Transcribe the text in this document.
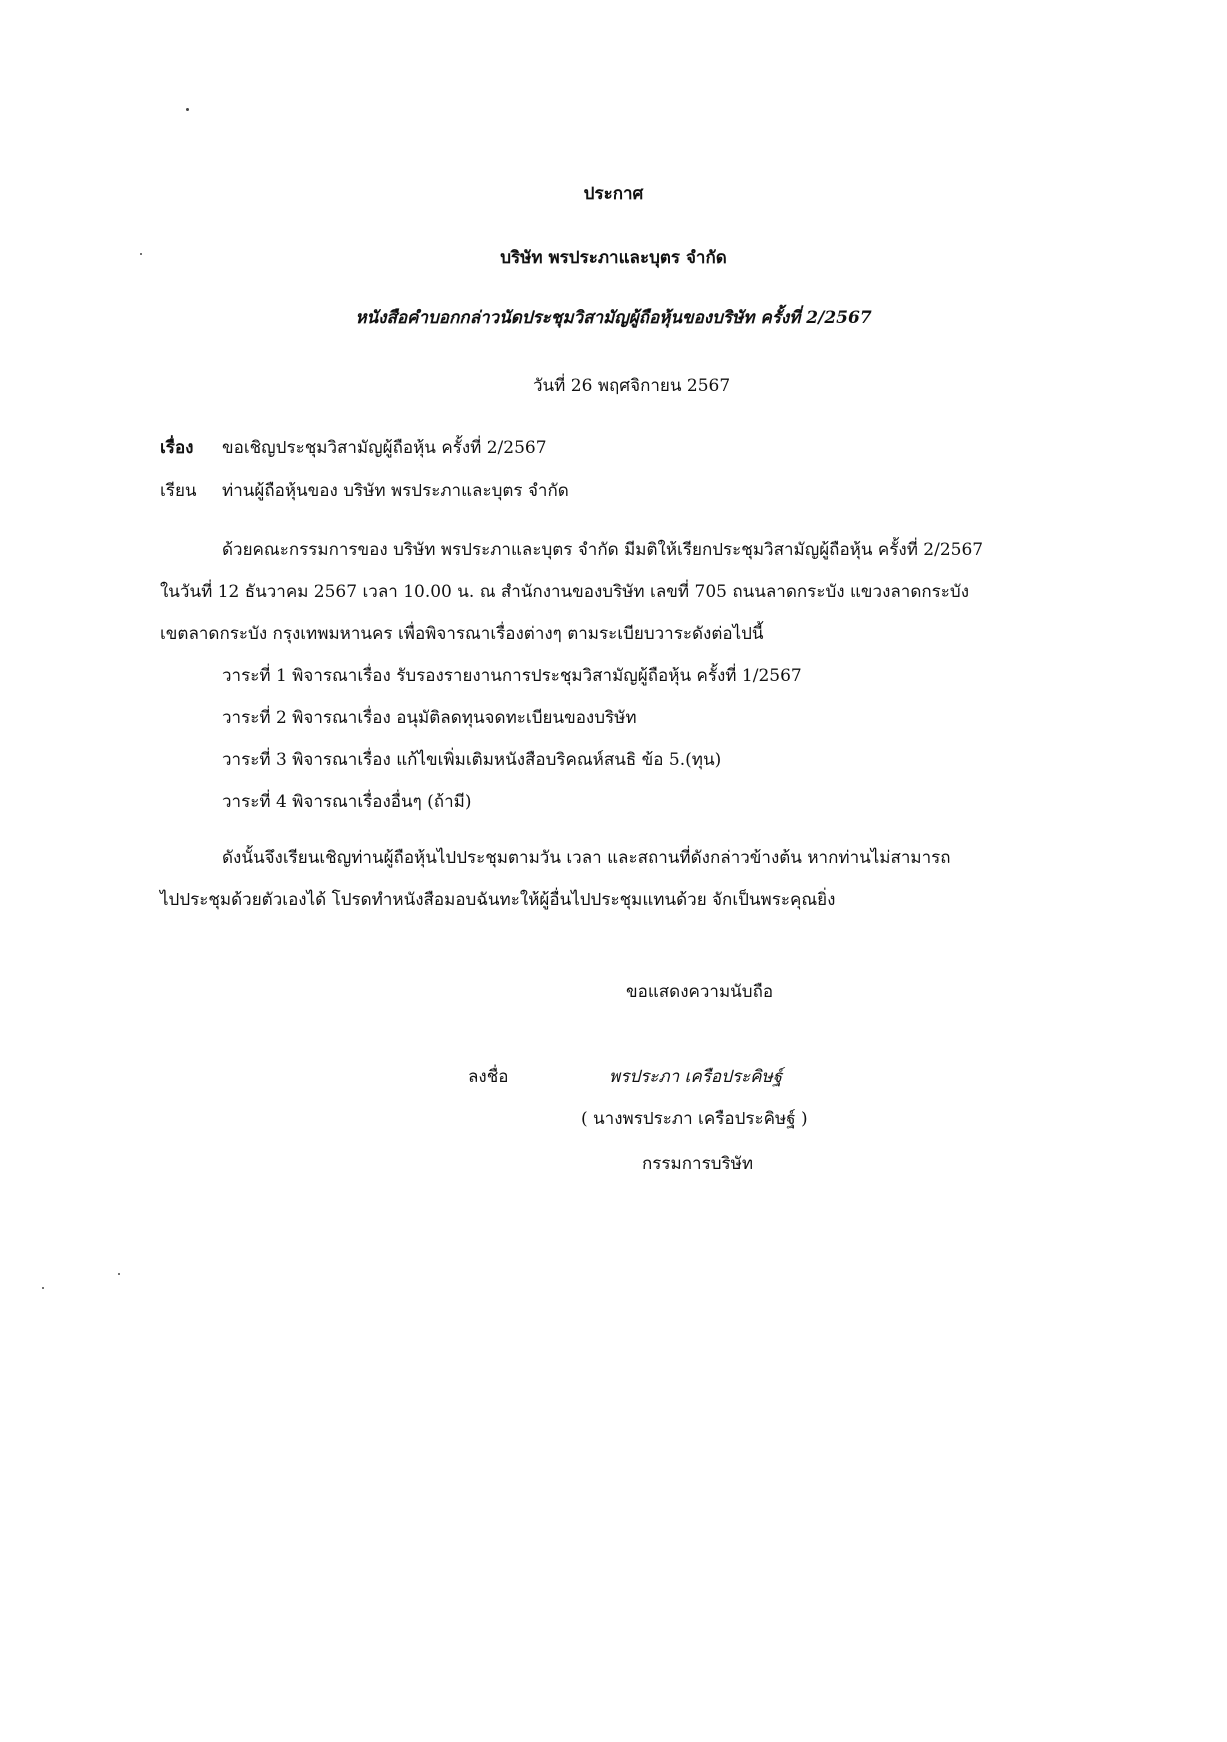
ประกาศ
บริษัท พรประภาและบุตร จำกัด
หนังสือคำบอกกล่าวนัดประชุมวิสามัญผู้ถือหุ้นของบริษัท ครั้งที่ 2/2567
วันที่ 26 พฤศจิกายน 2567
เรื่อง ขอเชิญประชุมวิสามัญผู้ถือหุ้น ครั้งที่ 2/2567
เรียน ท่านผู้ถือหุ้นของ บริษัท พรประภาและบุตร จำกัด
ด้วยคณะกรรมการของ บริษัท พรประภาและบุตร จำกัด มีมติให้เรียกประชุมวิสามัญผู้ถือหุ้น ครั้งที่ 2/2567
ในวันที่ 12 ธันวาคม 2567 เวลา 10.00 น. ณ สำนักงานของบริษัท เลขที่ 705 ถนนลาดกระบัง แขวงลาดกระบัง
เขตลาดกระบัง กรุงเทพมหานคร เพื่อพิจารณาเรื่องต่างๆ ตามระเบียบวาระดังต่อไปนี้
วาระที่ 1 พิจารณาเรื่อง รับรองรายงานการประชุมวิสามัญผู้ถือหุ้น ครั้งที่ 1/2567
วาระที่ 2 พิจารณาเรื่อง อนุมัติลดทุนจดทะเบียนของบริษัท
วาระที่ 3 พิจารณาเรื่อง แก้ไขเพิ่มเติมหนังสือบริคณห์สนธิ ข้อ 5.(ทุน)
วาระที่ 4 พิจารณาเรื่องอื่นๆ (ถ้ามี)
ดังนั้นจึงเรียนเชิญท่านผู้ถือหุ้นไปประชุมตามวัน เวลา และสถานที่ดังกล่าวข้างต้น หากท่านไม่สามารถ
ไปประชุมด้วยตัวเองได้ โปรดทำหนังสือมอบฉันทะให้ผู้อื่นไปประชุมแทนด้วย จักเป็นพระคุณยิ่ง
ขอแสดงความนับถือ
ลงชื่อ	พรประภา เครือประคิษฐ์
( นางพรประภา เครือประคิษฐ์ )
กรรมการบริษัท
